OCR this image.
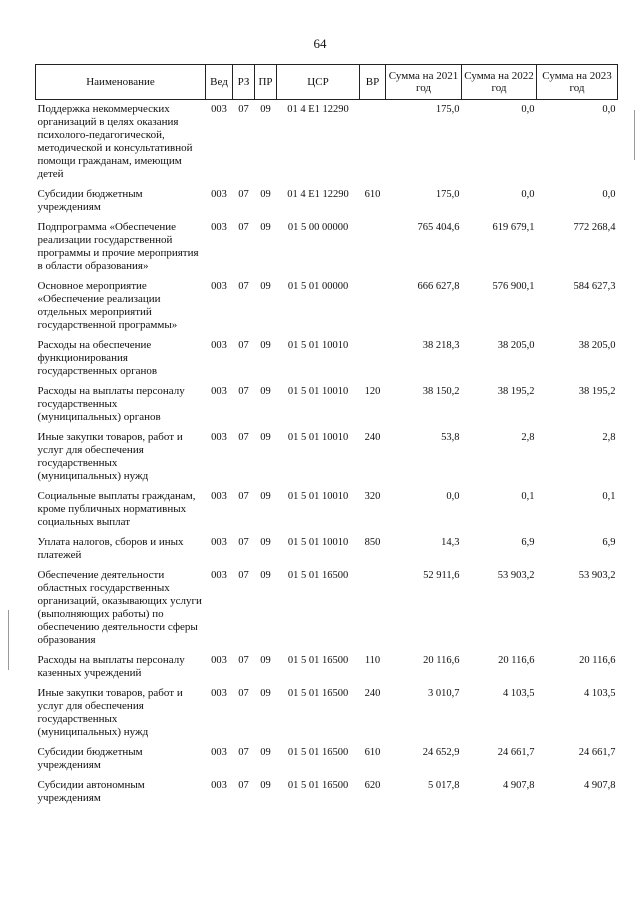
64
Наименование	Вед	РЗ	ПР	ЦСР	ВР	Сумма на 2021 год	Сумма на 2022 год	Сумма на 2023 год
Поддержка некоммерческих организаций в целях оказания психолого-педагогической, методической и консультативной помощи гражданам, имеющим детей	003	07	09	01 4 E1 12290		175,0	0,0	0,0
Субсидии бюджетным учреждениям	003	07	09	01 4 E1 12290	610	175,0	0,0	0,0
Подпрограмма «Обеспечение реализации государственной программы и прочие мероприятия в области образования»	003	07	09	01 5 00 00000		765 404,6	619 679,1	772 268,4
Основное мероприятие «Обеспечение реализации отдельных мероприятий государственной программы»	003	07	09	01 5 01 00000		666 627,8	576 900,1	584 627,3
Расходы на обеспечение функционирования государственных органов	003	07	09	01 5 01 10010		38 218,3	38 205,0	38 205,0
Расходы на выплаты персоналу государственных (муниципальных) органов	003	07	09	01 5 01 10010	120	38 150,2	38 195,2	38 195,2
Иные закупки товаров, работ и услуг для обеспечения государственных (муниципальных) нужд	003	07	09	01 5 01 10010	240	53,8	2,8	2,8
Социальные выплаты гражданам, кроме публичных нормативных социальных выплат	003	07	09	01 5 01 10010	320	0,0	0,1	0,1
Уплата налогов, сборов и иных платежей	003	07	09	01 5 01 10010	850	14,3	6,9	6,9
Обеспечение деятельности областных государственных организаций, оказывающих услуги (выполняющих работы) по обеспечению деятельности сферы образования	003	07	09	01 5 01 16500		52 911,6	53 903,2	53 903,2
Расходы на выплаты персоналу казенных учреждений	003	07	09	01 5 01 16500	110	20 116,6	20 116,6	20 116,6
Иные закупки товаров, работ и услуг для обеспечения государственных (муниципальных) нужд	003	07	09	01 5 01 16500	240	3 010,7	4 103,5	4 103,5
Субсидии бюджетным учреждениям	003	07	09	01 5 01 16500	610	24 652,9	24 661,7	24 661,7
Субсидии автономным учреждениям	003	07	09	01 5 01 16500	620	5 017,8	4 907,8	4 907,8
